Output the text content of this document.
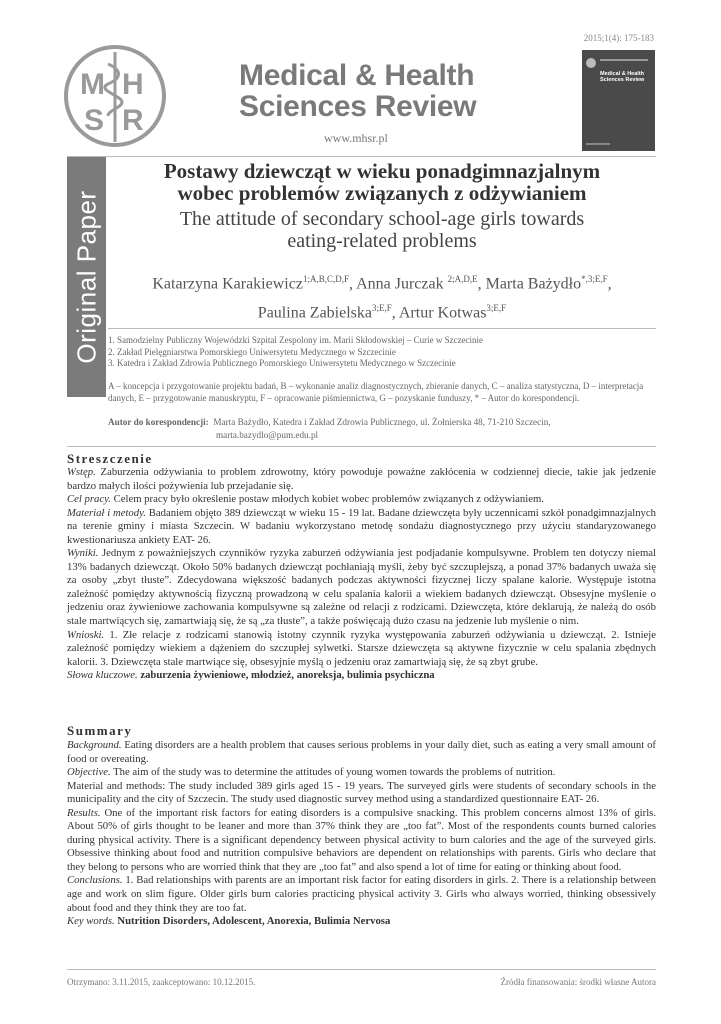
2015;1(4): 175-183
M H
S R
Medical & Health
Sciences Review
www.mhsr.pl
Medical & Health Sciences Review
Original Paper
Postawy dziewcząt w wieku ponadgimnazjalnym
wobec problemów związanych z odżywianiem
The attitude of secondary school-age girls towards
eating-related problems
Katarzyna Karakiewicz$^{1;A,B,C,D,F}$, Anna Jurczak $^{2;A,D,E}$, Marta Bażydło$^{*,3;E,F}$,
Paulina Zabielska$^{3;E,F}$, Artur Kotwas$^{3;E,F}$
1. Samodzielny Publiczny Wojewódzki Szpital Zespolony im. Marii Skłodowskiej – Curie w Szczecinie
2. Zakład Pielęgniarstwa Pomorskiego Uniwersytetu Medycznego w Szczecinie
3. Katedra i Zakład Zdrowia Publicznego Pomorskiego Uniwersytetu Medycznego w Szczecinie
A – koncepcja i przygotowanie projektu badań, B – wykonanie analiz diagnostycznych, zbieranie danych, C – analiza statystyczna, D – interpretacja danych, E – przygotowanie manuskryptu, F – opracowanie piśmiennictwa, G – pozyskanie funduszy, * – Autor do korespondencji.
Autor do korespondencji: Marta Bażydło, Katedra i Zakład Zdrowia Publicznego, ul. Żołnierska 48, 71-210 Szczecin,
marta.bazydlo@pum.edu.pl
Streszczenie

Wstęp. Zaburzenia odżywiania to problem zdrowotny, który powoduje poważne zakłócenia w codziennej diecie, takie jak jedzenie bardzo małych ilości pożywienia lub przejadanie się.

Cel pracy. Celem pracy było określenie postaw młodych kobiet wobec problemów związanych z odżywianiem.

Materiał i metody. Badaniem objęto 389 dziewcząt w wieku 15 - 19 lat. Badane dziewczęta były uczennicami szkół ponadgimnazjalnych na terenie gminy i miasta Szczecin. W badaniu wykorzystano metodę sondażu diagnostycznego przy użyciu standaryzowanego kwestionariusza ankiety EAT- 26.

Wyniki. Jednym z poważniejszych czynników ryzyka zaburzeń odżywiania jest podjadanie kompulsywne. Problem ten dotyczy niemal 13% badanych dziewcząt. Około 50% badanych dziewcząt pochłaniają myśli, żeby być szczuplejszą, a ponad 37% badanych uważa się za osoby „zbyt tłuste”. Zdecydowana większość badanych podczas aktywności fizycznej liczy spalane kalorie. Występuje istotna zależność pomiędzy aktywnością fizyczną prowadzoną w celu spalania kalorii a wiekiem badanych dziewcząt. Obsesyjne myślenie o jedzeniu oraz żywieniowe zachowania kompulsywne są zależne od relacji z rodzicami. Dziewczęta, które deklarują, że należą do osób stale martwiących się, zamartwiają się, że są „za tłuste”, a także poświęcają dużo czasu na jedzenie lub myślenie o nim.

Wnioski. 1. Złe relacje z rodzicami stanowią istotny czynnik ryzyka występowania zaburzeń odżywiania u dziewcząt. 2. Istnieje zależność pomiędzy wiekiem a dążeniem do szczupłej sylwetki. Starsze dziewczęta są aktywne fizycznie w celu spalania zbędnych kalorii. 3. Dziewczęta stale martwiące się, obsesyjnie myślą o jedzeniu oraz zamartwiają się, że są zbyt grube.

Słowa kluczowe. zaburzenia żywieniowe, młodzież, anoreksja, bulimia psychiczna

Summary

Background. Eating disorders are a health problem that causes serious problems in your daily diet, such as eating a very small amount of food or overeating.

Objective. The aim of the study was to determine the attitudes of young women towards the problems of nutrition.

Material and methods: The study included 389 girls aged 15 - 19 years. The surveyed girls were students of secondary schools in the municipality and the city of Szczecin. The study used diagnostic survey method using a standardized questionnaire EAT- 26.

Results. One of the important risk factors for eating disorders is a compulsive snacking. This problem concerns almost 13% of girls. About 50% of girls thought to be leaner and more than 37% think they are „too fat”. Most of the respondents counts burned calories during physical activity. There is a significant dependency between physical activity to burn calories and the age of the surveyed girls. Obsessive thinking about food and nutrition compulsive behaviors are dependent on relationships with parents. Girls who declare that they belong to persons who are worried think that they are „too fat” and also spend a lot of time for eating or thinking about food.

Conclusions. 1. Bad relationships with parents are an important risk factor for eating disorders in girls. 2. There is a relationship between age and work on slim figure. Older girls burn calories practicing physical activity 3. Girls who always worried, thinking obsessively about food and they think they are too fat.

Key words. Nutrition Disorders, Adolescent, Anorexia, Bulimia Nervosa

Otrzymano: 3.11.2015, zaakceptowano: 10.12.2015.	Źródła finansowania: środki własne Autora
